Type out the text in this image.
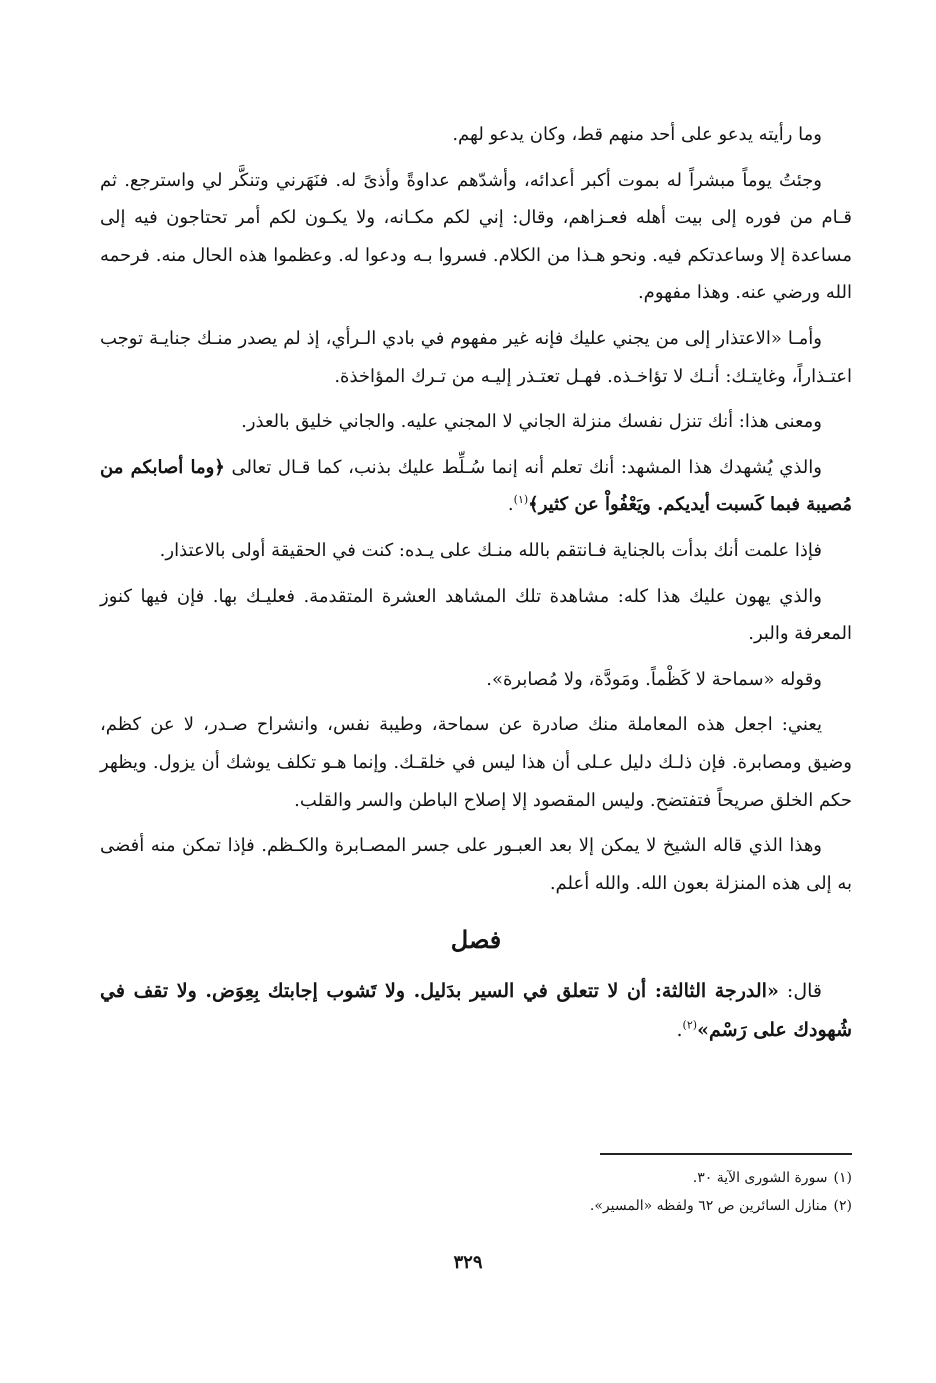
وما رأيته يدعو على أحد منهم قط، وكان يدعو لهم.

وجئتُ يوماً مبشراً له بموت أكبر أعدائه، وأشدّهم عداوةً وأذىً له. فنَهَرني وتنكَّر لي واسترجع. ثم قـام من فوره إلى بيت أهله فعـزاهم، وقال: إني لكم مكـانه، ولا يكـون لكم أمر تحتاجون فيه إلى مساعدة إلا وساعدتكم فيه. ونحو هـذا من الكلام. فسروا بـه ودعوا له. وعظموا هذه الحال منه. فرحمه الله ورضي عنه. وهذا مفهوم.

وأمـا «الاعتذار إلى من يجني عليك فإنه غير مفهوم في بادي الـرأي، إذ لم يصدر منـك جنايـة توجب اعتـذاراً، وغايتـك: أنـك لا تؤاخـذه. فهـل تعتـذر إليـه من تـرك المؤاخذة.

ومعنى هذا: أنك تنزل نفسك منزلة الجاني لا المجني عليه. والجاني خليق بالعذر.

والذي يُشهدك هذا المشهد: أنك تعلم أنه إنما سُـلِّط عليك بذنب، كما قـال تعالى ﴿وما أصابكم من مُصيبة فبما كَسبت أيديكم. ويَعْفُواْ عن كثير﴾$^{(١)}$.

فإذا علمت أنك بدأت بالجناية فـانتقم بالله منـك على يـده: كنت في الحقيقة أولى بالاعتذار.

والذي يهون عليك هذا كله: مشاهدة تلك المشاهد العشرة المتقدمة. فعليـك بها. فإن فيها كنوز المعرفة والبر.

وقوله «سماحة لا كَظْماً. ومَودَّة، ولا مُصابرة».

يعني: اجعل هذه المعاملة منك صادرة عن سماحة، وطيبة نفس، وانشراح صـدر، لا عن كظم، وضيق ومصابرة. فإن ذلـك دليل عـلى أن هذا ليس في خلقـك. وإنما هـو تكلف يوشك أن يزول. ويظهر حكم الخلق صريحاً فتفتضح. وليس المقصود إلا إصلاح الباطن والسر والقلب.

وهذا الذي قاله الشيخ لا يمكن إلا بعد العبـور على جسر المصـابرة والكـظم. فإذا تمكن منه أفضى به إلى هذه المنزلة بعون الله. والله أعلم.

فصل

قال: «الدرجة الثالثة: أن لا تتعلق في السير بدَليل. ولا تَشوب إجابتك بِعِوَض. ولا تقف في شُهودك على رَسْم»$^{(٢)}$.

(١)
سورة الشورى الآية ٣٠.

(٢)
منازل السائرين ص ٦٢ ولفظه «المسير».

٣٢٩
